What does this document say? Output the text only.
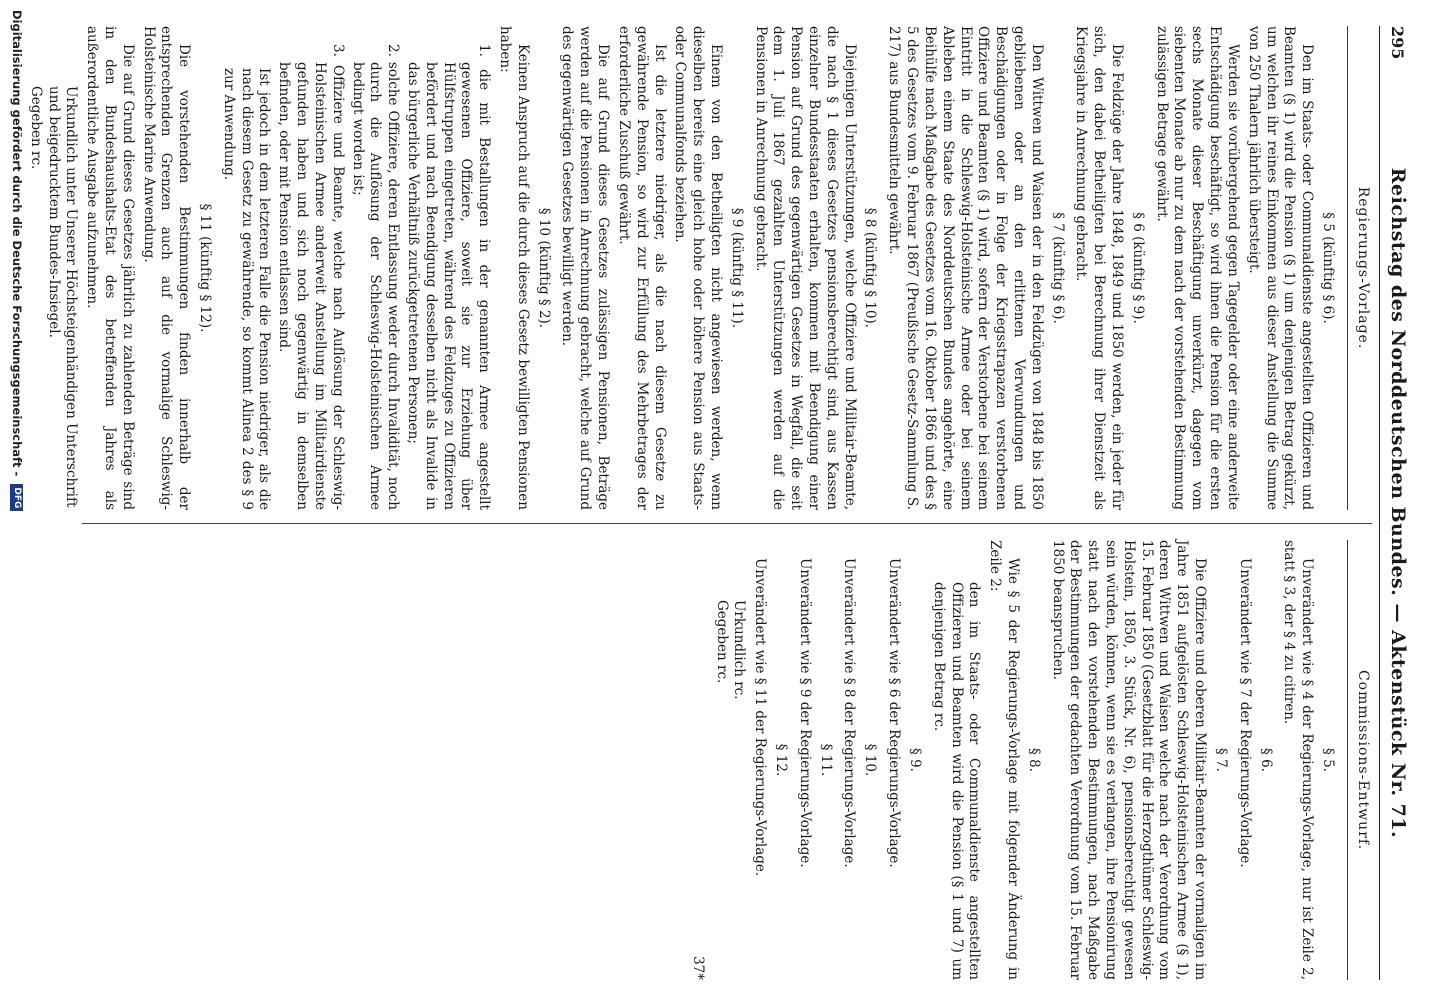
295
Reichstag des Norddeutschen Bundes. — Aktenstück Nr. 71.
Regierungs-Vorlage.
Commissions-Entwurf.
§ 5 (künftig § 6).

Den im Staats- oder Communaldienste angestellten Offizieren und Beamten (§ 1) wird die Pension (§ 1) um denjenigen Betrag gekürzt, um welchen ihr reines Einkommen aus dieser Anstellung die Summe von 250 Thalern jährlich übersteigt.

Werden sie vorübergehend gegen Tagegelder oder eine anderweite Entschädigung beschäftigt, so wird ihnen die Pension für die ersten sechs Monate dieser Beschäftigung unverkürzt, dagegen vom siebenten Monate ab nur zu dem nach der vorstehenden Bestimmung zulässigen Betrage gewährt.

§ 6 (künftig § 9).

Die Feldzüge der Jahre 1848, 1849 und 1850 werden, ein jeder für sich, den dabei Betheiligten bei Berechnung ihrer Dienstzeit als Kriegsjahre in Anrechnung gebracht.

§ 7 (künftig § 6).

Den Wittwen und Waisen der in den Feldzügen von 1848 bis 1850 gebliebenen oder an den erlittenen Verwundungen und Beschädigungen oder in Folge der Kriegsstrapazen verstorbenen Offiziere und Beamten (§ 1) wird, sofern der Verstorbene bei seinem Eintritt in die Schleswig-Holsteinische Armee oder bei seinem Ableben einem Staate des Norddeutschen Bundes angehörte, eine Beihülfe nach Maßgabe des Gesetzes vom 16. Oktober 1866 und des § 5 des Gesetzes vom 9. Februar 1867 (Preußische Gesetz-Sammlung S. 217) aus Bundesmitteln gewährt.

§ 8 (künftig § 10).

Diejenigen Unterstützungen, welche Offiziere und Militair-Beamte, die nach § 1 dieses Gesetzes pensionsberechtigt sind, aus Kassen einzelner Bundesstaaten erhalten, kommen mit Beendigung einer Pension auf Grund des gegenwärtigen Gesetzes in Wegfall, die seit dem 1. Juli 1867 gezahlten Unterstützungen werden auf die Pensionen in Anrechnung gebracht.

§ 9 (künftig § 11).

Einem von den Betheiligten nicht angewiesen werden, wenn dieselben bereits eine gleich hohe oder höhere Pension aus Staats- oder Communalfonds beziehen.

Ist die letztere niedriger, als die nach diesem Gesetze zu gewährende Pension, so wird zur Erfüllung des Mehrbetrages der erforderliche Zuschuß gewährt.

Die auf Grund dieses Gesetzes zulässigen Pensionen, Beträge werden auf die Pensionen in Anrechnung gebracht, welche auf Grund des gegenwärtigen Gesetzes bewilligt werden.

§ 10 (künftig § 2).

Keinen Anspruch auf die durch dieses Gesetz bewilligten Pensionen haben:

1. die mit Bestallungen in der genannten Armee angestellt gewesenen Offiziere, soweit sie zur Erziehung über Hülfstruppen eingetreten, während des Feldzuges zu Offizieren befördert und nach Beendigung desselben nicht als Invalide in das bürgerliche Verhältniß zurückgetretenen Personen;
2. solche Offiziere, deren Entlassung weder durch Invalidität, noch durch die Auflösung der Schleswig-Holsteinischen Armee bedingt worden ist;
3. Offiziere und Beamte, welche nach Auflösung der Schleswig-Holsteinischen Armee anderweit Anstellung im Militairdienste gefunden haben und sich noch gegenwärtig in demselben befinden, oder mit Pension entlassen sind.
Ist jedoch in dem letzteren Falle die Pension niedriger, als die nach diesem Gesetz zu gewährende, so kommt Alinea 2 des § 9 zur Anwendung.
§ 11 (künftig § 12).

Die vorstehenden Bestimmungen finden innerhalb der entsprechenden Grenzen auch auf die vormalige Schleswig-Holsteinische Marine Anwendung.

Die auf Grund dieses Gesetzes jährlich zu zahlenden Beträge sind in den Bundeshaushalts-Etat des betreffenden Jahres als außerordentliche Ausgabe aufzunehmen.

Urkundlich unter Unserer Höchsteigenhändigen Unterschrift und beigedrucktem Bundes-Insiegel.
Gegeben rc.
§ 5.

Unverändert wie § 4 der Regierungs-Vorlage, nur ist Zeile 2, statt § 3, der § 4 zu citiren.

§ 6.

Unverändert wie § 7 der Regierungs-Vorlage.

§ 7.

Die Offiziere und oberen Militair-Beamten der vormaligen im Jahre 1851 aufgelösten Schleswig-Holsteinischen Armee (§ 1), deren Wittwen und Waisen welche nach der Verordnung vom 15. Februar 1850 (Gesetzblatt für die Herzogthümer Schleswig-Holstein, 1850, 3. Stück, Nr. 6), pensionsberechtigt gewesen sein würden, können, wenn sie es verlangen, ihre Pensionirung statt nach den vorstehenden Bestimmungen, nach Maßgabe der Bestimmungen der gedachten Verordnung vom 15. Februar 1850 beanspruchen.

§ 8.

Wie § 5 der Regierungs-Vorlage mit folgender Änderung in Zeile 2:

den im Staats- oder Communaldienste angestellten Offizieren und Beamten wird die Pension (§ 1 und 7) um denjenigen Betrag rc.
§ 9.

Unverändert wie § 6 der Regierungs-Vorlage.

§ 10.

Unverändert wie § 8 der Regierungs-Vorlage.

§ 11.

Unverändert wie § 9 der Regierungs-Vorlage.

§ 12.

Unverändert wie § 11 der Regierungs-Vorlage.

Urkundlich rc.
Gegeben rc.
37*
Digitalisierung gefördert durch die Deutsche Forschungsgemeinschaft - DFG
